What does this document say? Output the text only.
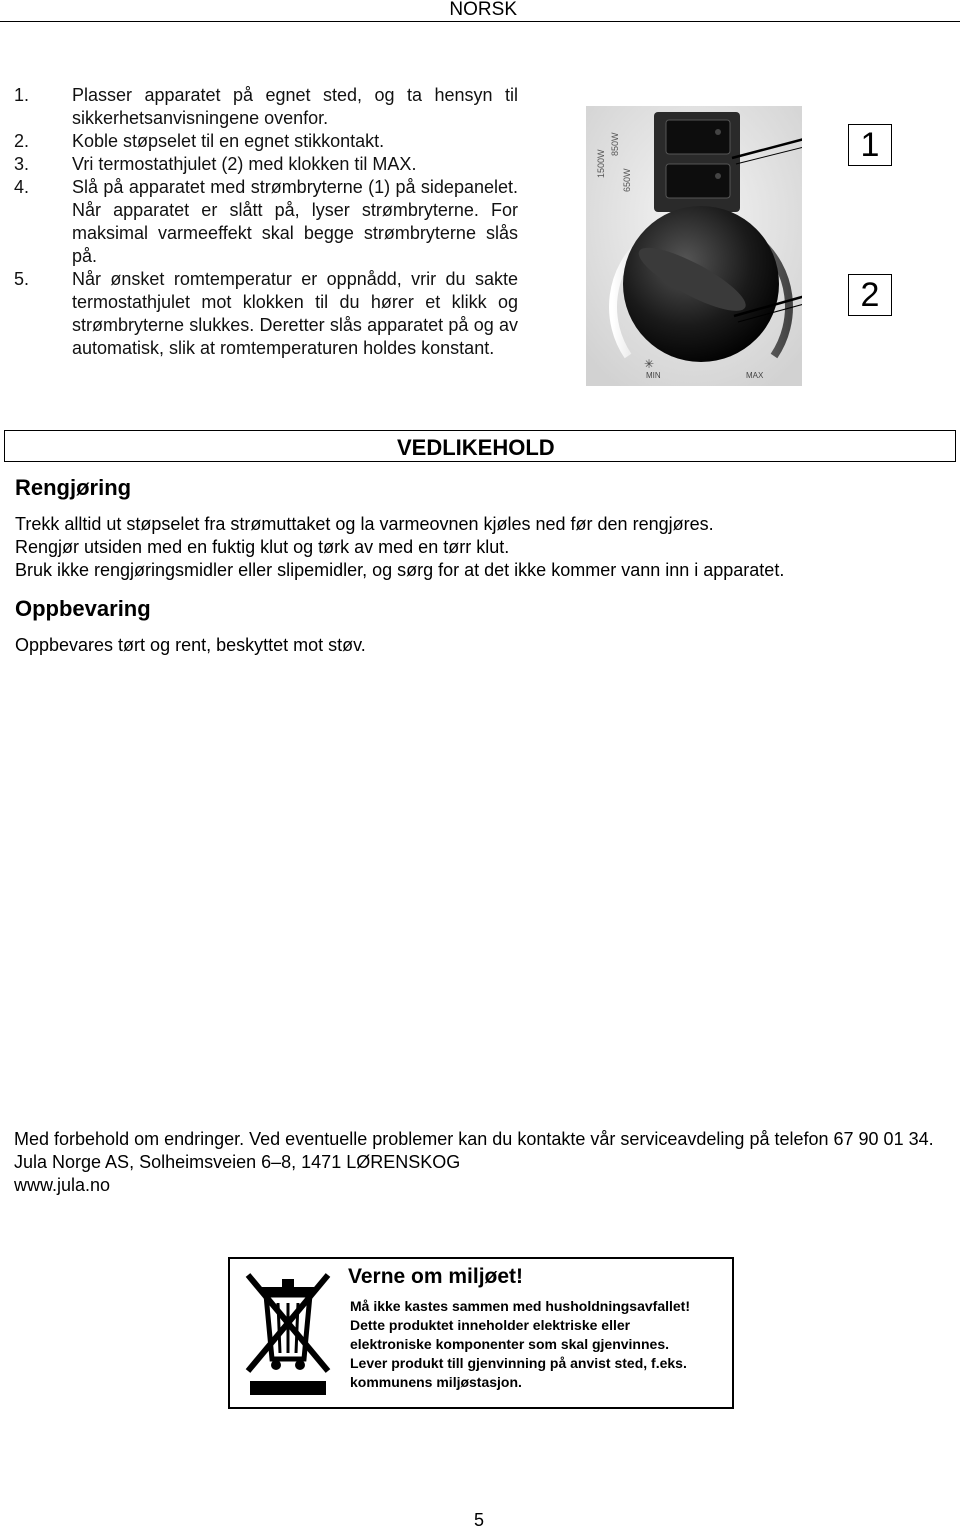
NORSK
1.	Plasser apparatet på egnet sted, og ta hensyn til sikkerhetsanvisningene ovenfor.
2.	Koble støpselet til en egnet stikkontakt.
3.	Vri termostathjulet (2) med klokken til MAX.
4.	Slå på apparatet med strømbryterne (1) på sidepanelet. Når apparatet er slått på, lyser strømbryterne. For maksimal varmeeffekt skal begge strømbryterne slås på.
5.	Når ønsket romtemperatur er oppnådd, vrir du sakte termostathjulet mot klokken til du hører et klikk og strømbryterne slukkes. Deretter slås apparatet på og av automatisk, slik at romtemperaturen holdes konstant.
1500W
850W
650W
MIN	MAX
✳
1
2
VEDLIKEHOLD
Rengjøring
Trekk alltid ut støpselet fra strømuttaket og la varmeovnen kjøles ned før den rengjøres.
Rengjør utsiden med en fuktig klut og tørk av med en tørr klut.
Bruk ikke rengjøringsmidler eller slipemidler, og sørg for at det ikke kommer vann inn i apparatet.
Oppbevaring
Oppbevares tørt og rent, beskyttet mot støv.
Med forbehold om endringer. Ved eventuelle problemer kan du kontakte vår serviceavdeling på telefon 67 90 01 34.
Jula Norge AS, Solheimsveien 6–8, 1471 LØRENSKOG
www.jula.no
Verne om miljøet!
Må ikke kastes sammen med husholdningsavfallet!
Dette produktet inneholder elektriske eller
elektroniske komponenter som skal gjenvinnes.
Lever produkt till gjenvinning på anvist sted, f.eks.
kommunens miljøstasjon.
5
